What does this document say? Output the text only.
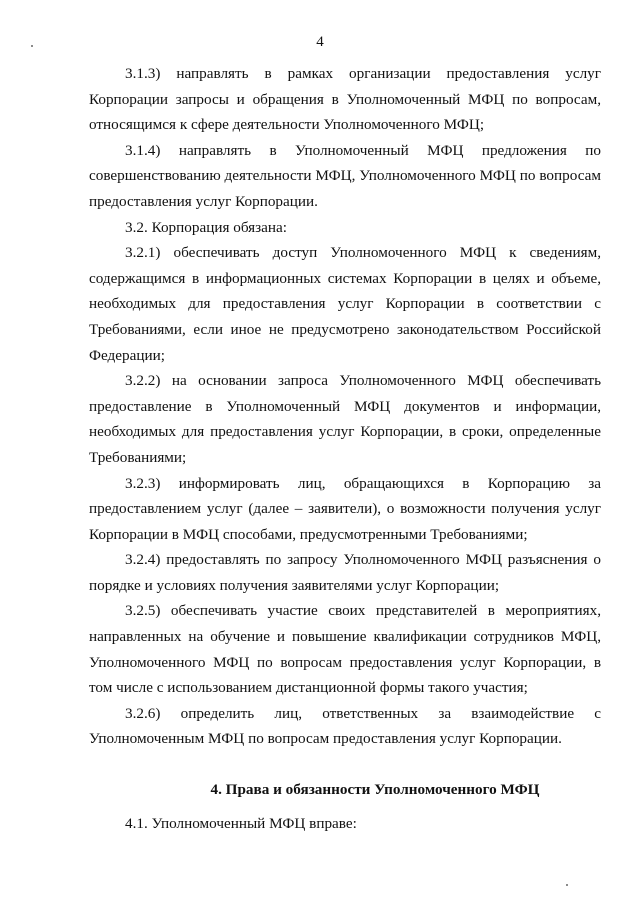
4

3.1.3) направлять в рамках организации предоставления услуг Корпорации запросы и обращения в Уполномоченный МФЦ по вопросам, относящимся к сфере деятельности Уполномоченного МФЦ;

3.1.4) направлять в Уполномоченный МФЦ предложения по совершенствованию деятельности МФЦ, Уполномоченного МФЦ по вопросам предоставления услуг Корпорации.

3.2. Корпорация обязана:

3.2.1) обеспечивать доступ Уполномоченного МФЦ к сведениям, содержащимся в информационных системах Корпорации в целях и объеме, необходимых для предоставления услуг Корпорации в соответствии с Требованиями, если иное не предусмотрено законодательством Российской Федерации;

3.2.2) на основании запроса Уполномоченного МФЦ обеспечивать предоставление в Уполномоченный МФЦ документов и информации, необходимых для предоставления услуг Корпорации, в сроки, определенные Требованиями;

3.2.3) информировать лиц, обращающихся в Корпорацию за предоставлением услуг (далее – заявители), о возможности получения услуг Корпорации в МФЦ способами, предусмотренными Требованиями;

3.2.4) предоставлять по запросу Уполномоченного МФЦ разъяснения о порядке и условиях получения заявителями услуг Корпорации;

3.2.5) обеспечивать участие своих представителей в мероприятиях, направленных на обучение и повышение квалификации сотрудников МФЦ, Уполномоченного МФЦ по вопросам предоставления услуг Корпорации, в том числе с использованием дистанционной формы такого участия;

3.2.6) определить лиц, ответственных за взаимодействие с Уполномоченным МФЦ по вопросам предоставления услуг Корпорации.

4. Права и обязанности Уполномоченного МФЦ

4.1. Уполномоченный МФЦ вправе:
